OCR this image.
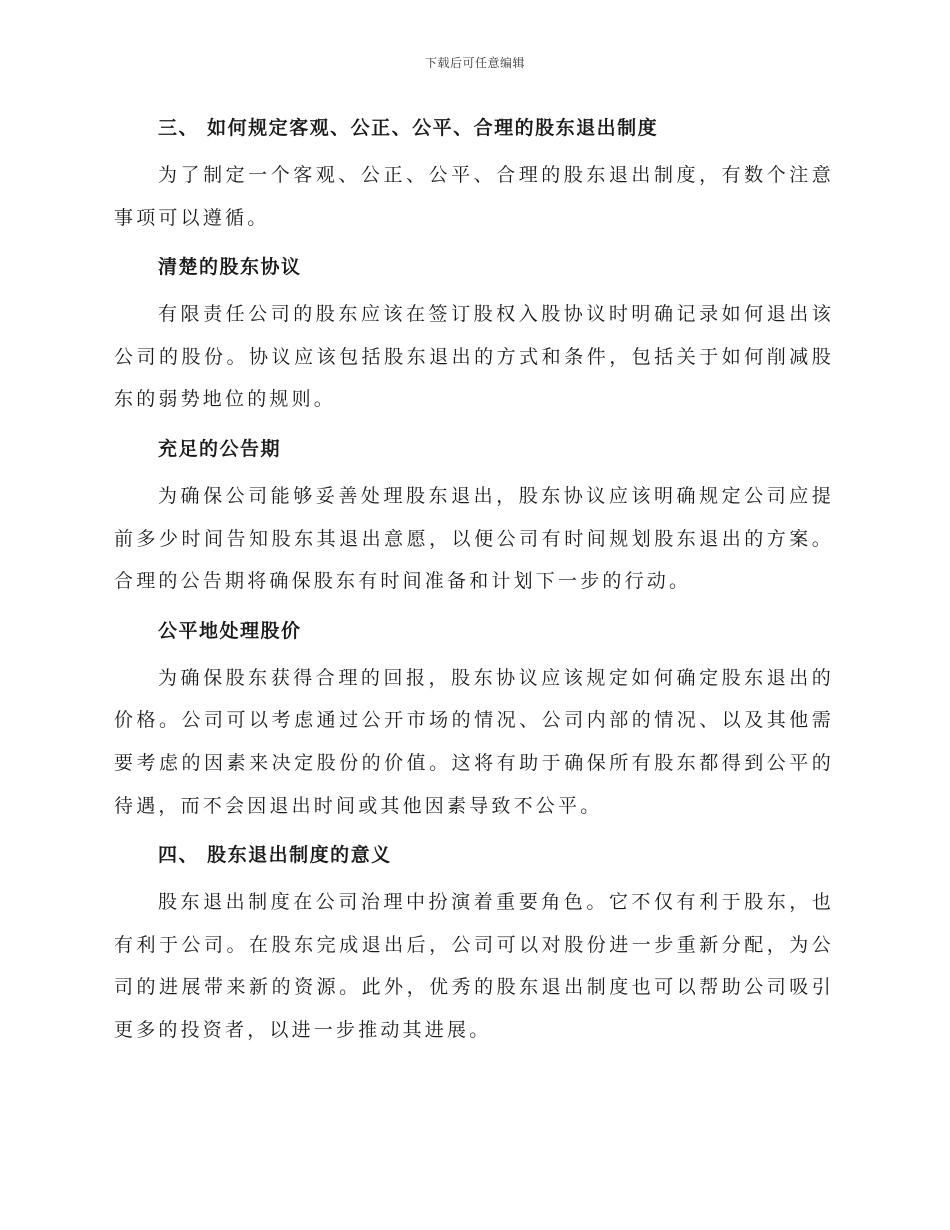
下载后可任意编辑
三、 如何规定客观、公正、公平、合理的股东退出制度

为了制定一个客观、公正、公平、合理的股东退出制度，有数个注意事项可以遵循。

清楚的股东协议

有限责任公司的股东应该在签订股权入股协议时明确记录如何退出该公司的股份。协议应该包括股东退出的方式和条件，包括关于如何削减股东的弱势地位的规则。

充足的公告期

为确保公司能够妥善处理股东退出，股东协议应该明确规定公司应提前多少时间告知股东其退出意愿，以便公司有时间规划股东退出的方案。合理的公告期将确保股东有时间准备和计划下一步的行动。

公平地处理股价

为确保股东获得合理的回报，股东协议应该规定如何确定股东退出的价格。公司可以考虑通过公开市场的情况、公司内部的情况、以及其他需要考虑的因素来决定股份的价值。这将有助于确保所有股东都得到公平的待遇，而不会因退出时间或其他因素导致不公平。

四、 股东退出制度的意义

股东退出制度在公司治理中扮演着重要角色。它不仅有利于股东，也有利于公司。在股东完成退出后，公司可以对股份进一步重新分配，为公司的进展带来新的资源。此外，优秀的股东退出制度也可以帮助公司吸引更多的投资者，以进一步推动其进展。
